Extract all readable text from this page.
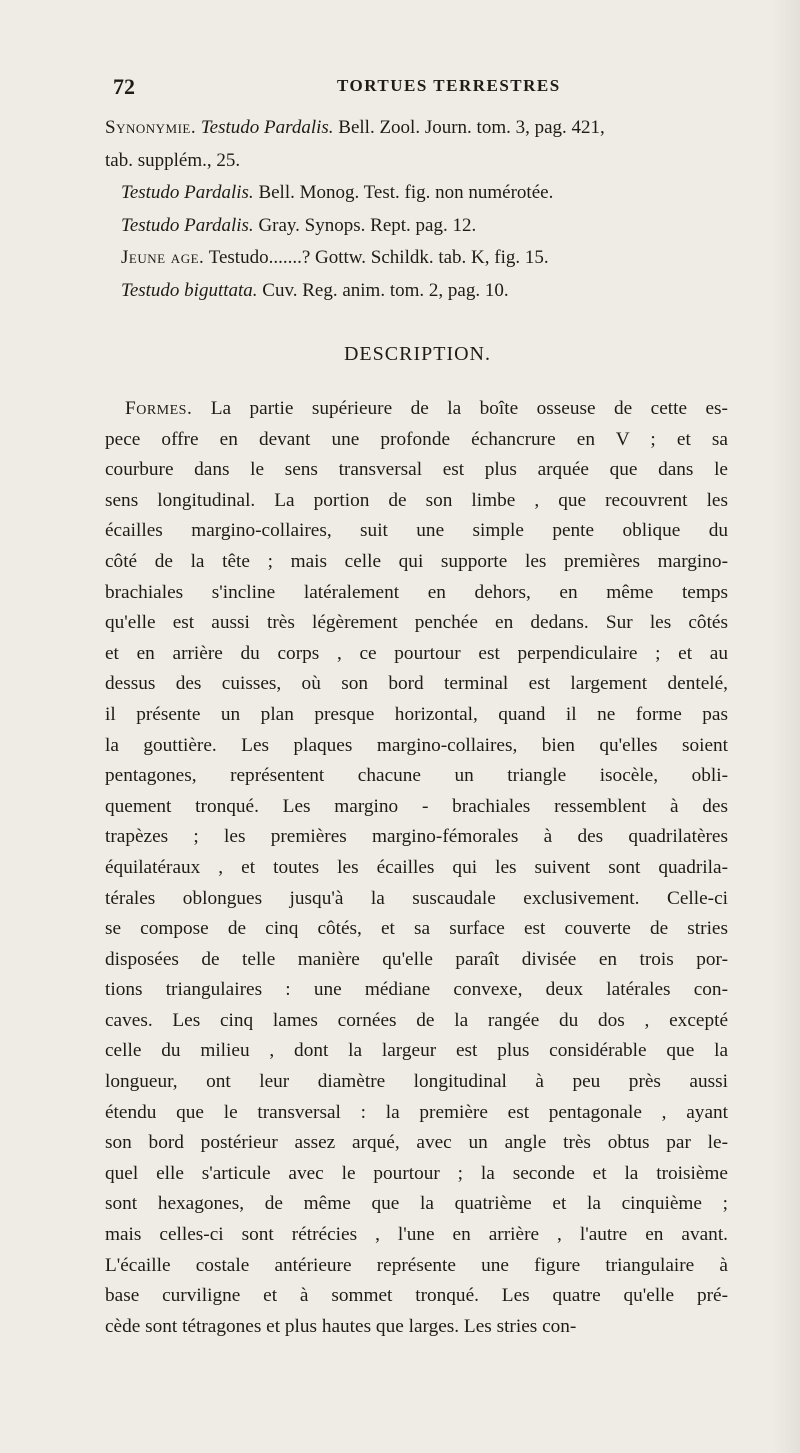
72	TORTUES TERRESTRES
Synonymie. Testudo Pardalis. Bell. Zool. Journ. tom. 3, pag. 421,
tab. supplém., 25.
Testudo Pardalis. Bell. Monog. Test. fig. non numérotée.
Testudo Pardalis. Gray. Synops. Rept. pag. 12.
Jeune age. Testudo.......? Gottw. Schildk. tab. K, fig. 15.
Testudo biguttata. Cuv. Reg. anim. tom. 2, pag. 10.
DESCRIPTION.
Formes. La partie supérieure de la boîte osseuse de cette es-
pece offre en devant une profonde échancrure en V ; et sa
courbure dans le sens transversal est plus arquée que dans le
sens longitudinal. La portion de son limbe , que recouvrent les
écailles margino-collaires, suit une simple pente oblique du
côté de la tête ; mais celle qui supporte les premières margino-
brachiales s'incline latéralement en dehors, en même temps
qu'elle est aussi très légèrement penchée en dedans. Sur les côtés
et en arrière du corps , ce pourtour est perpendiculaire ; et au
dessus des cuisses, où son bord terminal est largement dentelé,
il présente un plan presque horizontal, quand il ne forme pas
la gouttière. Les plaques margino-collaires, bien qu'elles soient
pentagones, représentent chacune un triangle isocèle, obli-
quement tronqué. Les margino - brachiales ressemblent à des
trapèzes ; les premières margino-fémorales à des quadrilatères
équilatéraux , et toutes les écailles qui les suivent sont quadrila-
térales oblongues jusqu'à la suscaudale exclusivement. Celle-ci
se compose de cinq côtés, et sa surface est couverte de stries
disposées de telle manière qu'elle paraît divisée en trois por-
tions triangulaires : une médiane convexe, deux latérales con-
caves. Les cinq lames cornées de la rangée du dos , excepté
celle du milieu , dont la largeur est plus considérable que la
longueur, ont leur diamètre longitudinal à peu près aussi
étendu que le transversal : la première est pentagonale , ayant
son bord postérieur assez arqué, avec un angle très obtus par le-
quel elle s'articule avec le pourtour ; la seconde et la troisième
sont hexagones, de même que la quatrième et la cinquième ;
mais celles-ci sont rétrécies , l'une en arrière , l'autre en avant.
L'écaille costale antérieure représente une figure triangulaire à
base curviligne et à sommet tronqué. Les quatre qu'elle pré-
cède sont tétragones et plus hautes que larges. Les stries con-
